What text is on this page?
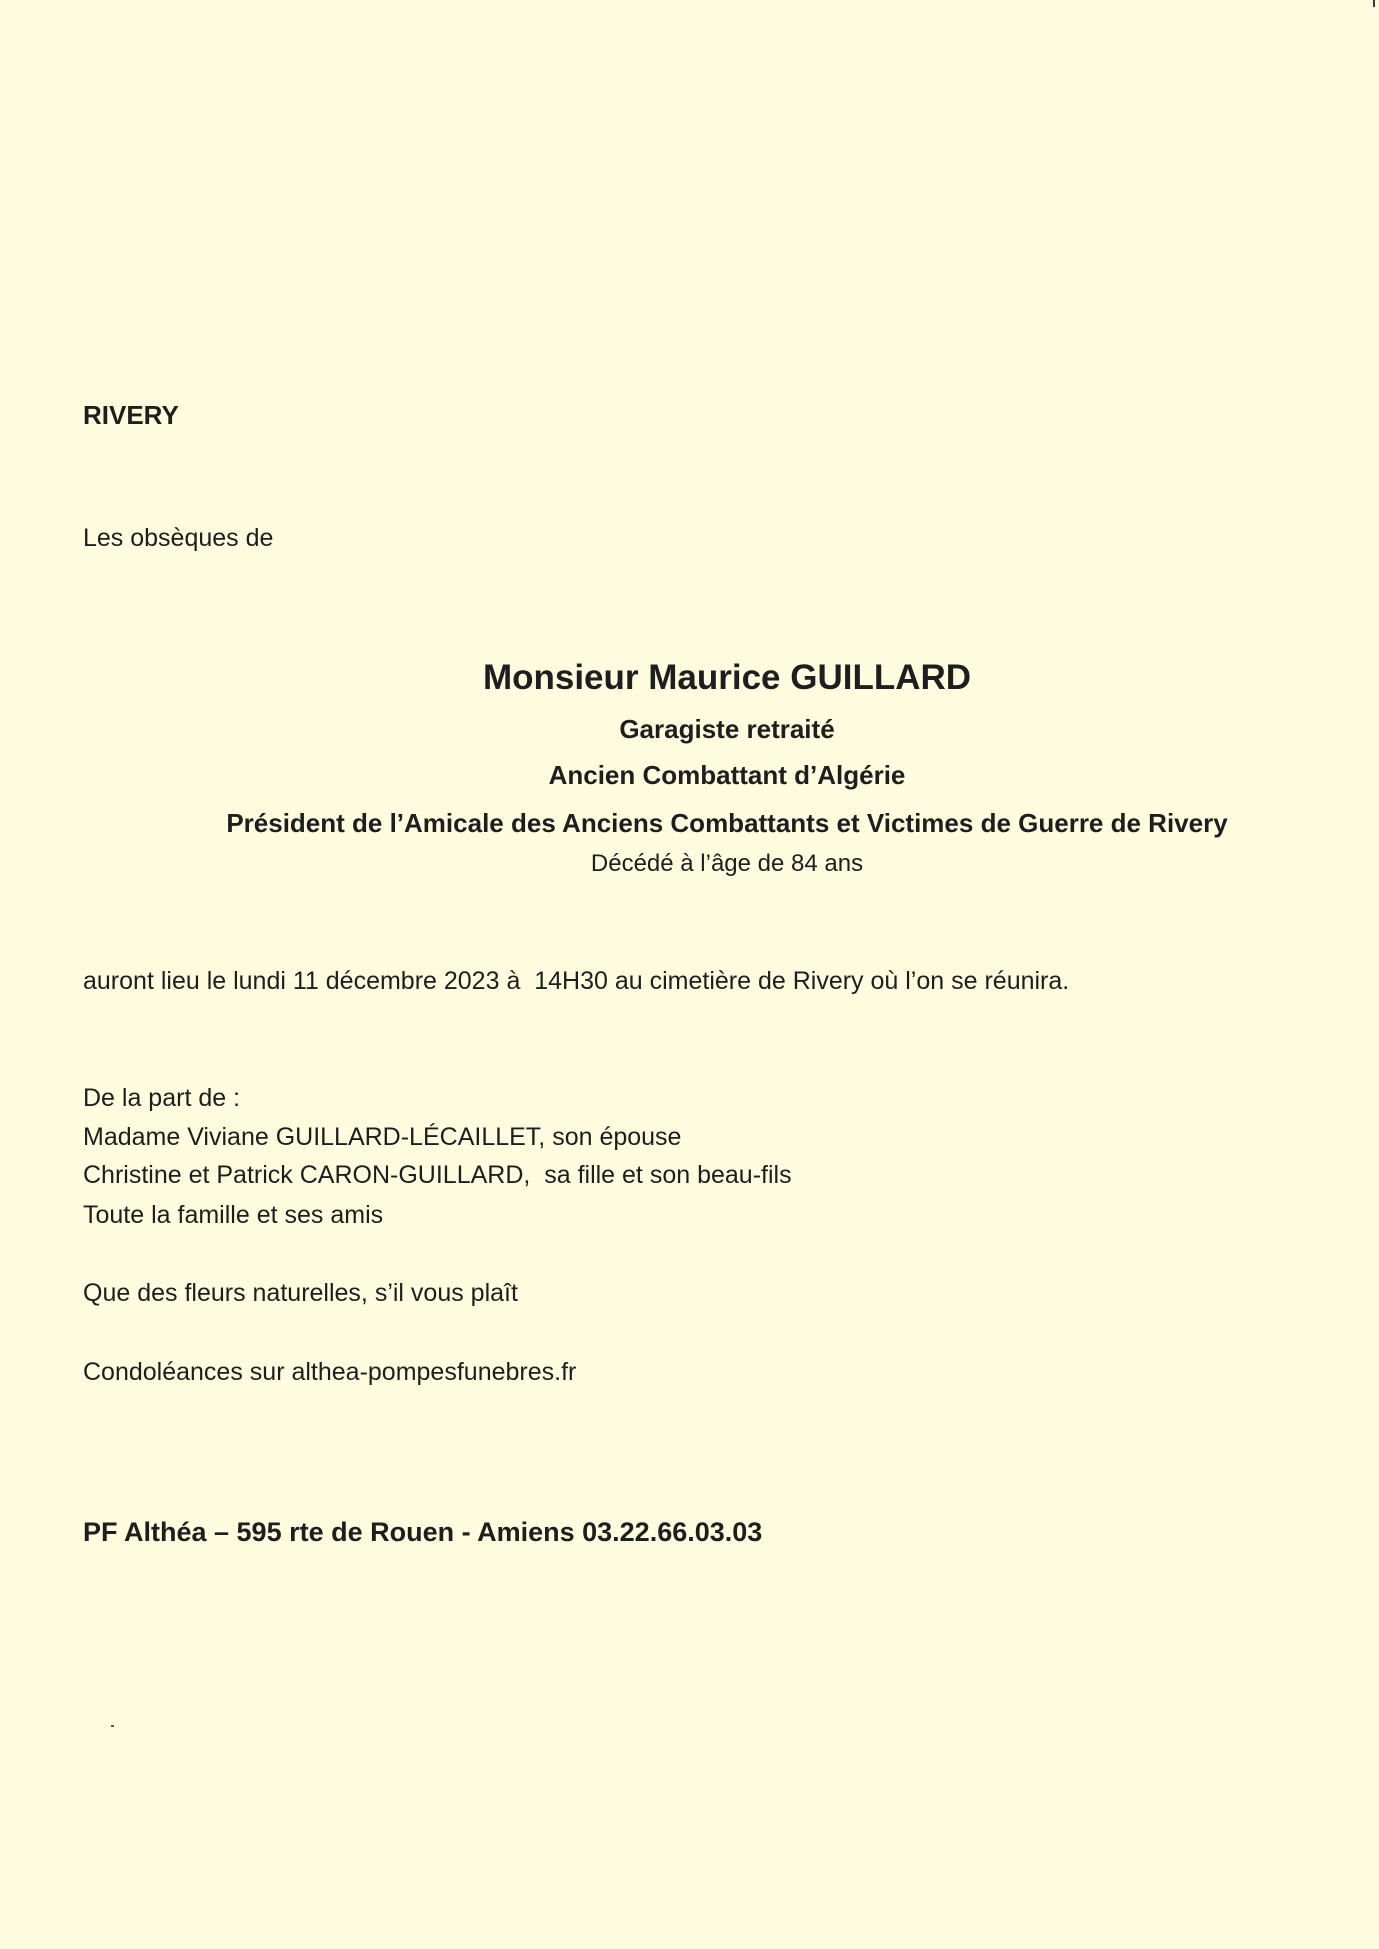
RIVERY

Les obsèques de

Monsieur Maurice GUILLARD

Garagiste retraité

Ancien Combattant d’Algérie

Président de l’Amicale des Anciens Combattants et Victimes de Guerre de Rivery

Décédé à l’âge de 84 ans

auront lieu le lundi 11 décembre 2023 à  14H30 au cimetière de Rivery où l’on se réunira.

De la part de :

Madame Viviane GUILLARD-LÉCAILLET, son épouse

Christine et Patrick CARON-GUILLARD,  sa fille et son beau-fils

Toute la famille et ses amis

Que des fleurs naturelles, s’il vous plaît

Condoléances sur althea-pompesfunebres.fr

PF Althéa – 595 rte de Rouen - Amiens 03.22.66.03.03
